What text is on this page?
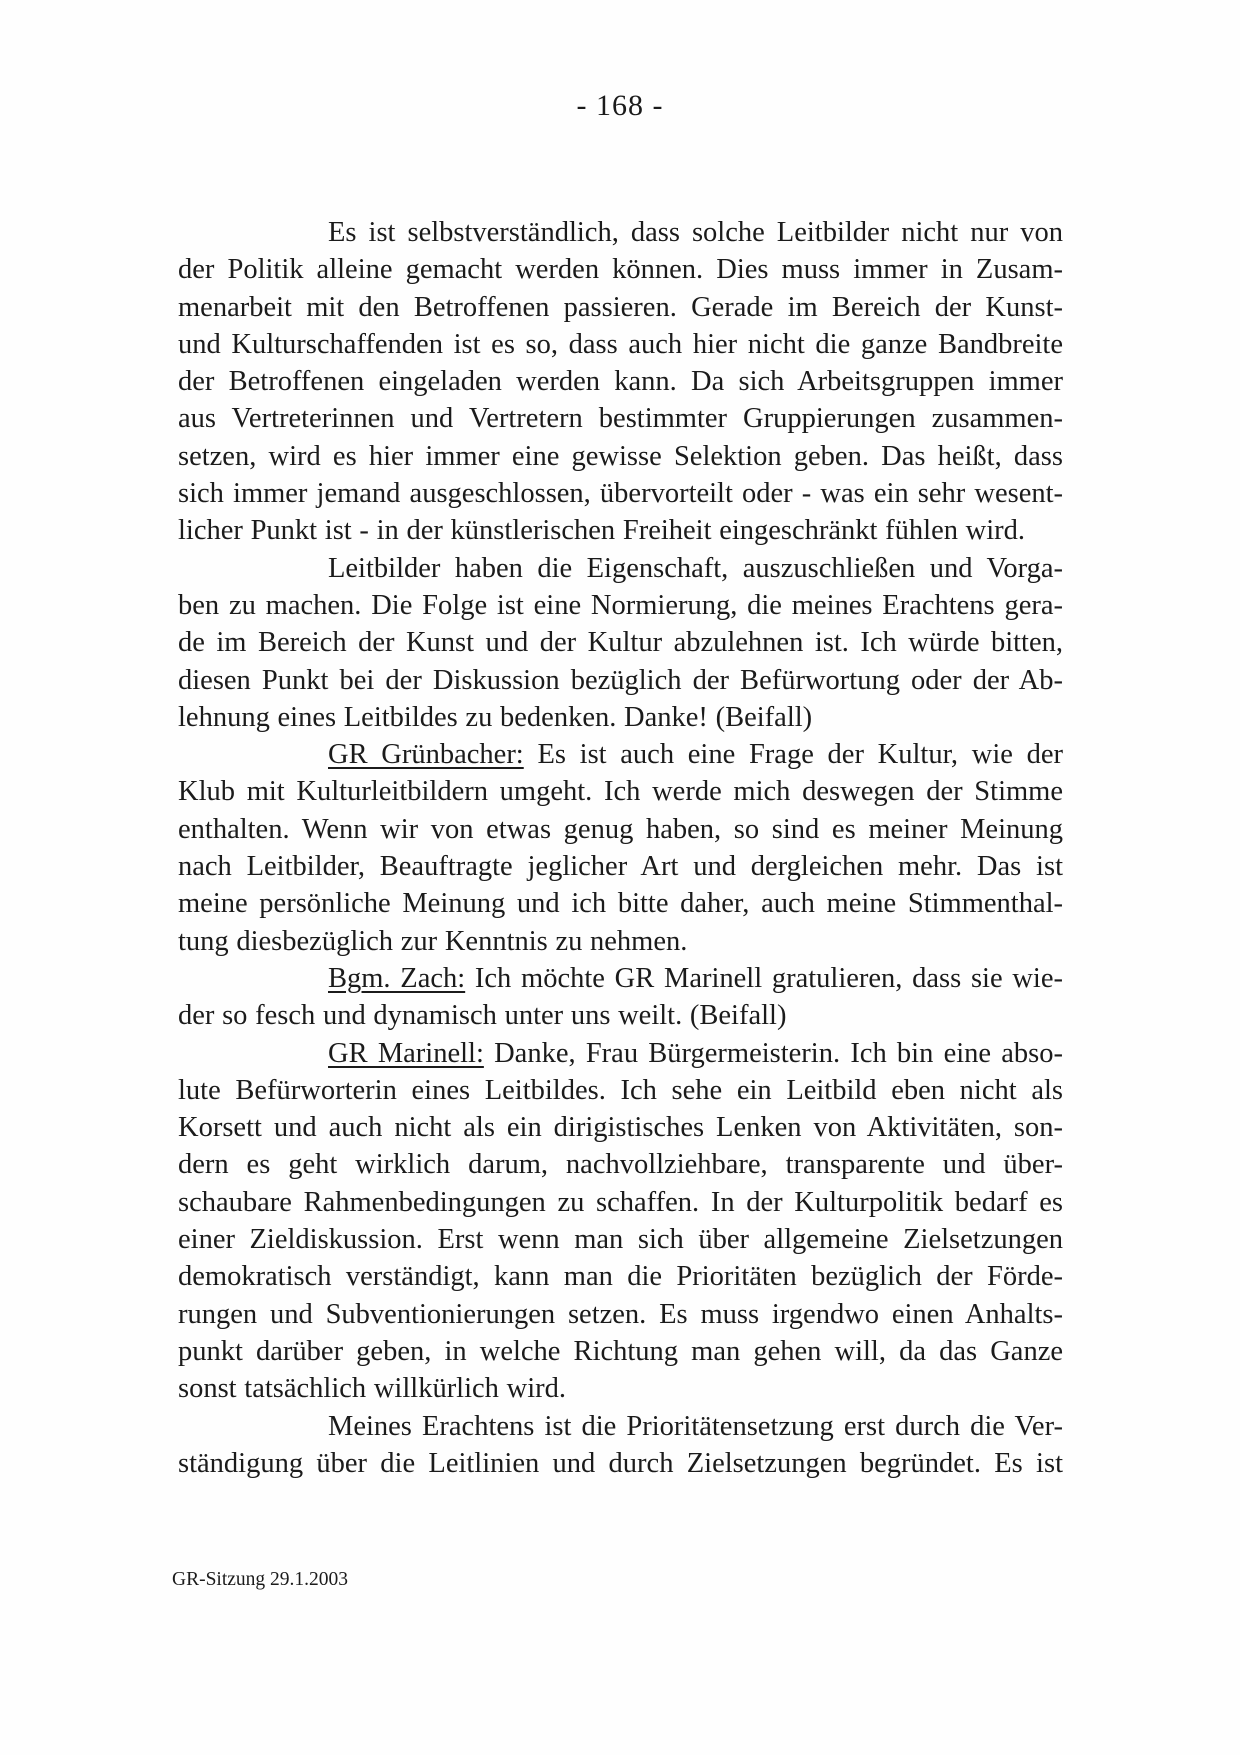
- 168 -
Es ist selbstverständlich, dass solche Leitbilder nicht nur von
der Politik alleine gemacht werden können. Dies muss immer in Zusam-
menarbeit mit den Betroffenen passieren. Gerade im Bereich der Kunst-
und Kulturschaffenden ist es so, dass auch hier nicht die ganze Bandbreite
der Betroffenen eingeladen werden kann. Da sich Arbeitsgruppen immer
aus Vertreterinnen und Vertretern bestimmter Gruppierungen zusammen-
setzen, wird es hier immer eine gewisse Selektion geben. Das heißt, dass
sich immer jemand ausgeschlossen, übervorteilt oder - was ein sehr wesent-
licher Punkt ist - in der künstlerischen Freiheit eingeschränkt fühlen wird.
Leitbilder haben die Eigenschaft, auszuschließen und Vorga-
ben zu machen. Die Folge ist eine Normierung, die meines Erachtens gera-
de im Bereich der Kunst und der Kultur abzulehnen ist. Ich würde bitten,
diesen Punkt bei der Diskussion bezüglich der Befürwortung oder der Ab-
lehnung eines Leitbildes zu bedenken. Danke! (Beifall)
GR Grünbacher: Es ist auch eine Frage der Kultur, wie der
Klub mit Kulturleitbildern umgeht. Ich werde mich deswegen der Stimme
enthalten. Wenn wir von etwas genug haben, so sind es meiner Meinung
nach Leitbilder, Beauftragte jeglicher Art und dergleichen mehr. Das ist
meine persönliche Meinung und ich bitte daher, auch meine Stimmenthal-
tung diesbezüglich zur Kenntnis zu nehmen.
Bgm. Zach: Ich möchte GR Marinell gratulieren, dass sie wie-
der so fesch und dynamisch unter uns weilt. (Beifall)
GR Marinell: Danke, Frau Bürgermeisterin. Ich bin eine abso-
lute Befürworterin eines Leitbildes. Ich sehe ein Leitbild eben nicht als
Korsett und auch nicht als ein dirigistisches Lenken von Aktivitäten, son-
dern es geht wirklich darum, nachvollziehbare, transparente und über-
schaubare Rahmenbedingungen zu schaffen. In der Kulturpolitik bedarf es
einer Zieldiskussion. Erst wenn man sich über allgemeine Zielsetzungen
demokratisch verständigt, kann man die Prioritäten bezüglich der Förde-
rungen und Subventionierungen setzen. Es muss irgendwo einen Anhalts-
punkt darüber geben, in welche Richtung man gehen will, da das Ganze
sonst tatsächlich willkürlich wird.
Meines Erachtens ist die Prioritätensetzung erst durch die Ver-
ständigung über die Leitlinien und durch Zielsetzungen begründet. Es ist
GR-Sitzung 29.1.2003
